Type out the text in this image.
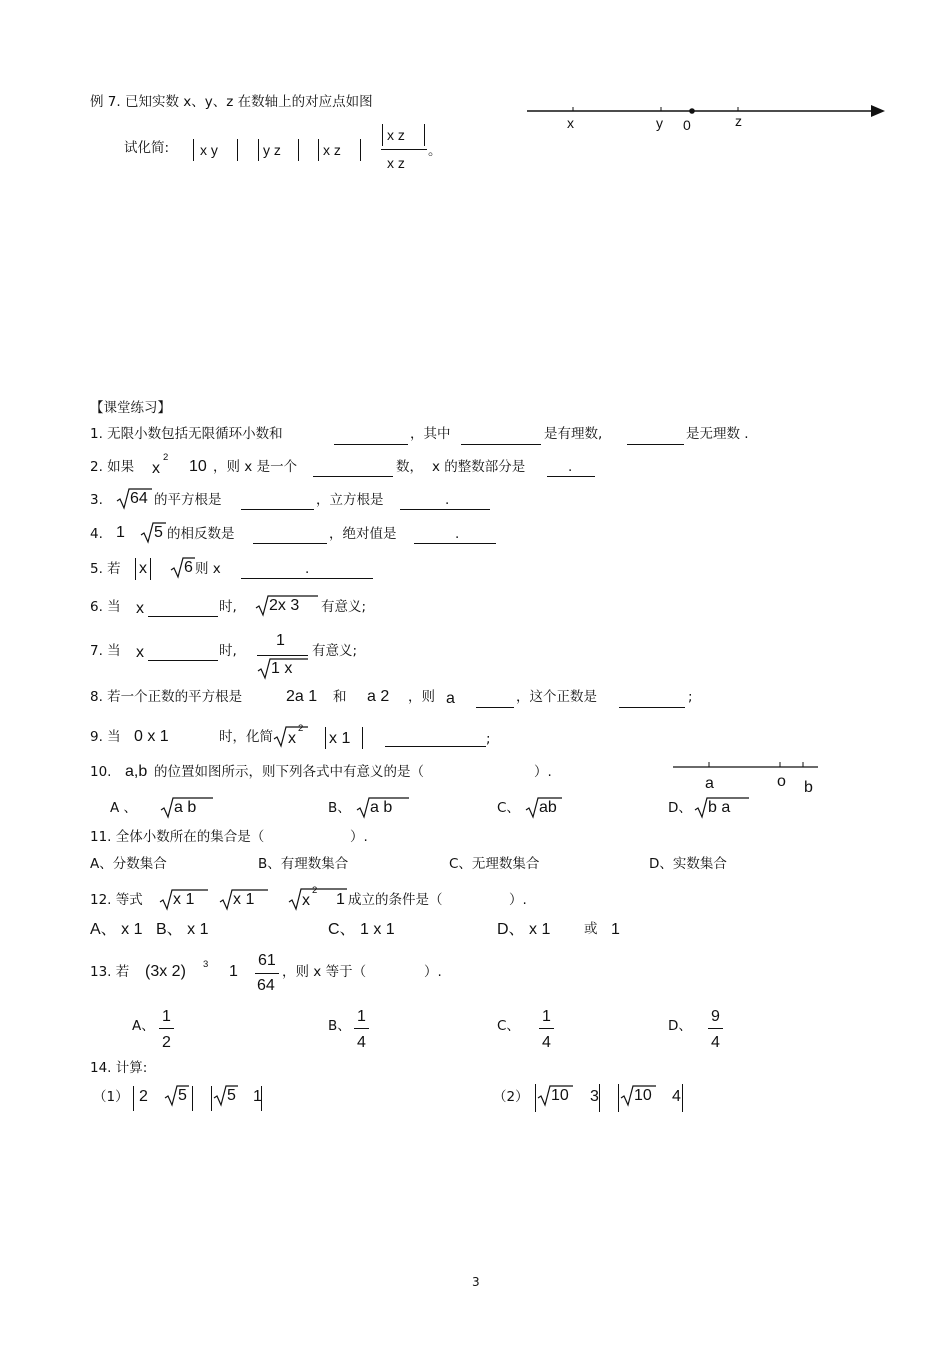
例 7. 已知实数 x、y、z 在数轴上的对应点如图
试化简: x y	y z	x z
x z
x z
。
x	y 0	z
【课堂练习】
1. 无限小数包括无限循环小数和	，其中	是有理数,	是无理数 .
2. 如果 x
2
10 ，则 x 是一个	数， x 的整数部分是	.
3. 64 的平方根是	，立方根是	.
4. 1 5 的相反数是	，绝对值是	.
5. 若 x 6 则 x	.
6. 当 x	时, 2x 3 有意义;
7. 当 x	时,
1
1 x
有意义;
8. 若一个正数的平方根是	2a 1 和 a 2 ，则 a	，这个正数是	;
9. 当 0 x 1	时，化简 x
2
x 1	;
10. a,b 的位置如图所示，则下列各式中有意义的是（	）.
a	o b
A 、 a b	B、 a b	C、 ab	D、 b a
11. 全体小数所在的集合是（	）.
A、分数集合	B、有理数集合	C、无理数集合	D、实数集合
12. 等式 x 1 x 1	x
2
1 成立的条件是（	）.
A、 x 1 B、 x 1	C、 1 x 1	D、 x 1 或 1
13. 若 (3x 2) 3 1
61
64
，则 x 等于（	）.
A、
1
2
B、
1
4
C、
1
4
D、
9
4
14. 计算:
（1） 2 5	5 1	（2） 10 3 10 4
3
